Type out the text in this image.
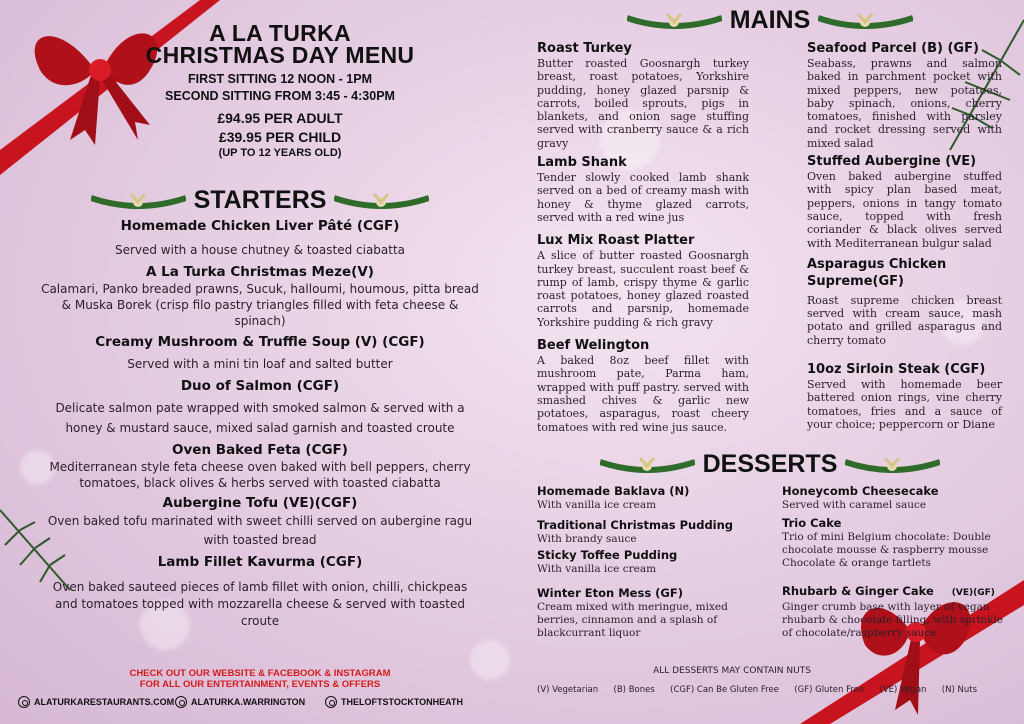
A LA TURKA
CHRISTMAS DAY MENU
FIRST SITTING 12 NOON - 1PM
SECOND SITTING FROM 3:45 - 4:30PM
£94.95 PER ADULT
£39.95 PER CHILD
(UP TO 12 YEARS OLD)
STARTERS
Homemade Chicken Liver Pâté (CGF)
Served with a house chutney & toasted ciabatta
A La Turka Christmas Meze(V)
Calamari, Panko breaded prawns, Sucuk, halloumi, houmous, pitta bread & Muska Borek (crisp filo pastry triangles filled with feta cheese & spinach)
Creamy Mushroom & Truffle Soup (V) (CGF)
Served with a mini tin loaf and salted butter
Duo of Salmon (CGF)
Delicate salmon pate wrapped with smoked salmon & served with a honey & mustard sauce, mixed salad garnish and toasted croute
Oven Baked Feta (CGF)
Mediterranean style feta cheese oven baked with bell peppers, cherry tomatoes, black olives & herbs served with toasted ciabatta
Aubergine Tofu (VE)(CGF)
Oven baked tofu marinated with sweet chilli served on aubergine ragu with toasted bread
Lamb Fillet Kavurma (CGF)
Oven baked sauteed pieces of lamb fillet with onion, chilli, chickpeas and tomatoes topped with mozzarella cheese & served with toasted croute
CHECK OUT OUR WEBSITE & FACEBOOK & INSTAGRAM
FOR ALL OUR ENTERTAINMENT, EVENTS & OFFERS
ALATURKARESTAURANTS.COM ALATURKA.WARRINGTON	THELOFTSTOCKTONHEATH
MAINS
Roast Turkey
Butter roasted Goosnargh turkey breast, roast potatoes, Yorkshire pudding, honey glazed parsnip & carrots, boiled sprouts, pigs in blankets, and onion sage stuffing served with cranberry sauce & a rich gravy
Lamb Shank
Tender slowly cooked lamb shank served on a bed of creamy mash with honey & thyme glazed carrots, served with a red wine jus
Lux Mix Roast Platter
A slice of butter roasted Goosnargh turkey breast, succulent roast beef & rump of lamb, crispy thyme & garlic roast potatoes, honey glazed roasted carrots and parsnip, homemade Yorkshire pudding & rich gravy
Beef Welington
A baked 8oz beef fillet with mushroom pate, Parma ham, wrapped with puff pastry. served with smashed chives & garlic new potatoes, asparagus, roast cheery tomatoes with red wine jus sauce.
Seafood Parcel (B) (GF)
Seabass, prawns and salmon baked in parchment pocket with mixed peppers, new potatoes, baby spinach, onions, cherry tomatoes, finished with parsley and rocket dressing served with mixed salad
Stuffed Aubergine (VE)
Oven baked aubergine stuffed with spicy plan based meat, peppers, onions in tangy tomato sauce, topped with fresh coriander & black olives served with Mediterranean bulgur salad
Asparagus Chicken Supreme(GF)
Roast supreme chicken breast served with cream sauce, mash potato and grilled asparagus and cherry tomato
10oz Sirloin Steak (CGF)
Served with homemade beer battered onion rings, vine cherry tomatoes, fries and a sauce of your choice; peppercorn or Diane
DESSERTS
Homemade Baklava (N)
With vanilla ice cream
Traditional Christmas Pudding
With brandy sauce
Sticky Toffee Pudding
With vanilla ice cream
Winter Eton Mess (GF)
Cream mixed with meringue, mixed berries, cinnamon and a splash of blackcurrant liquor
Honeycomb Cheesecake
Served with caramel sauce
Trio Cake
Trio of mini Belgium chocolate: Double chocolate mousse & raspberry mousse Chocolate & orange tartlets
Rhubarb & Ginger Cake (VE)(GF)
Ginger crumb base with layer of vegan rhubarb & chocolate filling, with sprinkle of chocolate/raspberry sauce
ALL DESSERTS MAY CONTAIN NUTS
(V) Vegetarian (B) Bones (CGF) Can Be Gluten Free (GF) Gluten Free (VE) Vegan (N) Nuts
